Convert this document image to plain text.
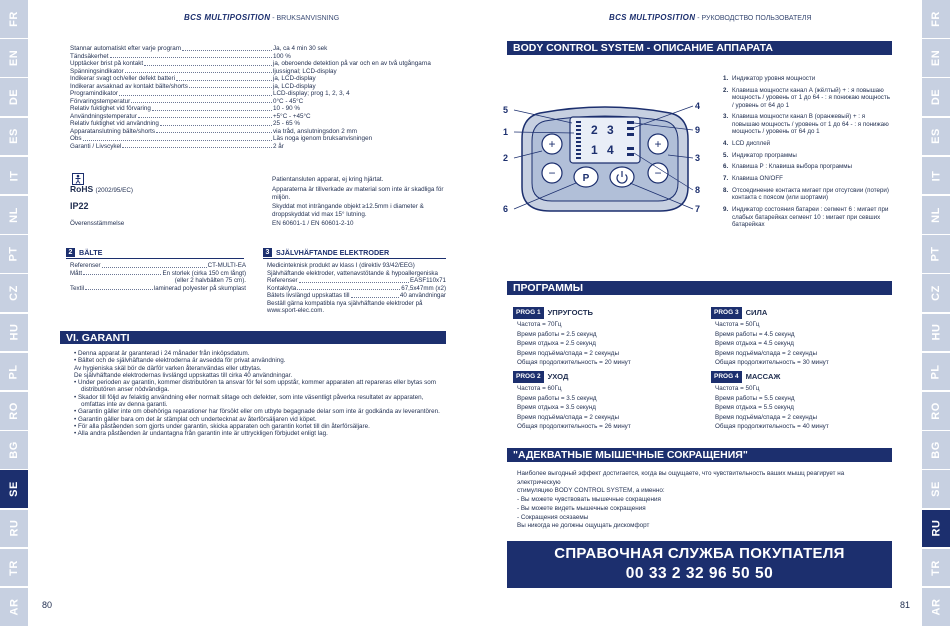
FR
EN
DE
ES
IT
NL
PT
CZ
HU
PL
RO
BG
SE
RU
TR
AR
FR
EN
DE
ES
IT
NL
PT
CZ
HU
PL
RO
BG
SE
RU
TR
AR
BCS MULTIPOSITION - BRUKSANVISNING	BCS MULTIPOSITION - РУКОВОДСТВО ПОЛЬЗОВАТЕЛЯ
Stannar automatiskt efter varje program	Ja, ca 4 min 30 sek
Tändsäkerhet	100 %
Upptäcker brist på kontakt	ja, oberoende detektion på var och en av två utgångarna
Spänningsindikator	ljussignal; LCD-display
Indikerar svagt och/eller defekt batteri	ja, LCD-display
Indikerar avsaknad av kontakt bälte/shorts	ja, LCD-display
Programindikator	LCD-display; prog 1, 2, 3, 4
Förvaringstemperatur	0°C - 45°C
Relativ fuktighet vid förvaring	10 - 90 %
Användningstemperatur	+5°C - +45°C
Relativ fuktighet vid användning	25 - 65 %
Apparatanslutning bälte/shorts	via tråd, anslutningsdon 2 mm
Obs	Läs noga igenom bruksanvisningen
Garanti / Livscykel	2 år
Patientansluten apparat, ej kring hjärtat.
RoHS (2002/95/EC)	Apparaterna är tillverkade av material som inte är skadliga för miljön.
IP22	Skyddat mot inträngande objekt ≥12.5mm i diameter & droppskyddat vid max 15° lutning.
Överensstämmelse	EN 60601-1 / EN 60601-2-10
2 BÄLTE
Referenser	CT-MULTI-EA
Mått	En storlek (cirka 150 cm långt)
(eller 2 halvbälten 75 cm).
Textil	laminerad polyester på skumplast
3 SJÄLVHÄFTANDE ELEKTRODER
Medicinteknisk produkt av klass I (direktiv 93/42/EEG)
Självhäftande elektroder, vattenavstötande & hypoallergeniska
Referenser	EASF110x71
Kontaktyta	67,5x47mm (x2)
Bätets livslängd uppskattas till	40 användningar
Beställ gärna kompatibla nya självhäftande elektroder på
www.sport-elec.com.
VI. GARANTI
• Denna apparat är garanterad i 24 månader från inköpsdatum.
• Bältet och de självhäftande elektroderna är avsedda för privat användning.
Av hygieniska skäl bör de därför varken återanvändas eller utbytas.
De självhäftande elektrodernas livslängd uppskattas till cirka 40 användningar.
• Under perioden av garantin, kommer distributören ta ansvar för fel som uppstår, kommer apparaten att repareras eller bytas som distributören anser nödvändiga.
• Skador till följd av felaktig användning eller normalt slitage och defekter, som inte väsentligt påverka resultatet av apparaten, omfattas inte av denna garanti.
• Garantin gäller inte om obehöriga reparationer har försökt eller om utbyte begagnade delar som inte är godkända av leverantören.
• Garantin gäller bara om det är stämplat och undertecknat av återförsäljaren vid köpet.
• För alla påståenden som gjorts under garantin, skicka apparaten och garantin kortet till din återförsäljare.
• Alla andra påståenden är undantagna från garantin inte är uttryckligen förbjudet enligt lag.
80
BODY CONTROL SYSTEM - ОПИСАНИЕ АППАРАТА
2 3
1 4
+
−
+
−
P
5
1
2
6
4
9
3
8
7
1. Индикатор уровня мощности
2. Клавиша мощности канал А (жёлтый) + : я повышаю мощность / уровень от 1 до 64 - : я понижаю мощность / уровень от 64 до 1
3. Клавиша мощности канал В (оранжевый) + : я повышаю мощность / уровень от 1 до 64 - : я понижаю мощность / уровень от 64 до 1
4. LCD дисплей
5. Индикатор программы
6. Клавиша Р : Клавиша выбора программы
7. Клавиша ON/OFF
8. Отсоединение контакта мигает при отсутсвии (потери) контакта с поясом (или шортами)
9. Индикатор состояния батареи : сегмент 6 : мигает при слабых батарейках сегмент 10 : мигает при севших батарейках
ПРОГРАММЫ
PROG 1 УПРУГОСТЬ
Частота = 70Гц
Время работы = 2.5 секунд
Время отдыха = 2.5 секунд
Время подъёма/спада = 2 секунды
Общая продолжительность = 20 минут
PROG 2 УХОД
Частота = 60Гц
Время работы = 3.5 секунд
Время отдыха = 3.5 секунд
Время подъёма/спада = 2 секунды
Общая продолжительность = 26 минут
PROG 3 СИЛА
Частота = 50Гц
Время работы = 4.5 секунд
Время отдыха = 4.5 секунд
Время подъёма/спада = 2 секунды
Общая продолжительность = 30 минут
PROG 4 МАССАЖ
Частота = 50Гц
Время работы = 5.5 секунд
Время отдыха = 5.5 секунд
Время подъёма/спада = 2 секунды
Общая продолжительность = 40 минут
"АДЕКВАТНЫЕ МЫШЕЧНЫЕ СОКРАЩЕНИЯ"
Наиболее выгодный эффект достигается, когда вы ощущаете, что чувствительность ваших мышц реагирует на электрическую
стимуляцию BODY CONTROL SYSTEM, а именно:
- Вы можете чувствовать мышечные сокращения
- Вы можете видеть мышечные сокращения
- Сокращения осязаемы
Вы никогда не должны ощущать дискомфорт
СПРАВОЧНАЯ СЛУЖБА ПОКУПАТЕЛЯ
00 33 2 32 96 50 50
81
